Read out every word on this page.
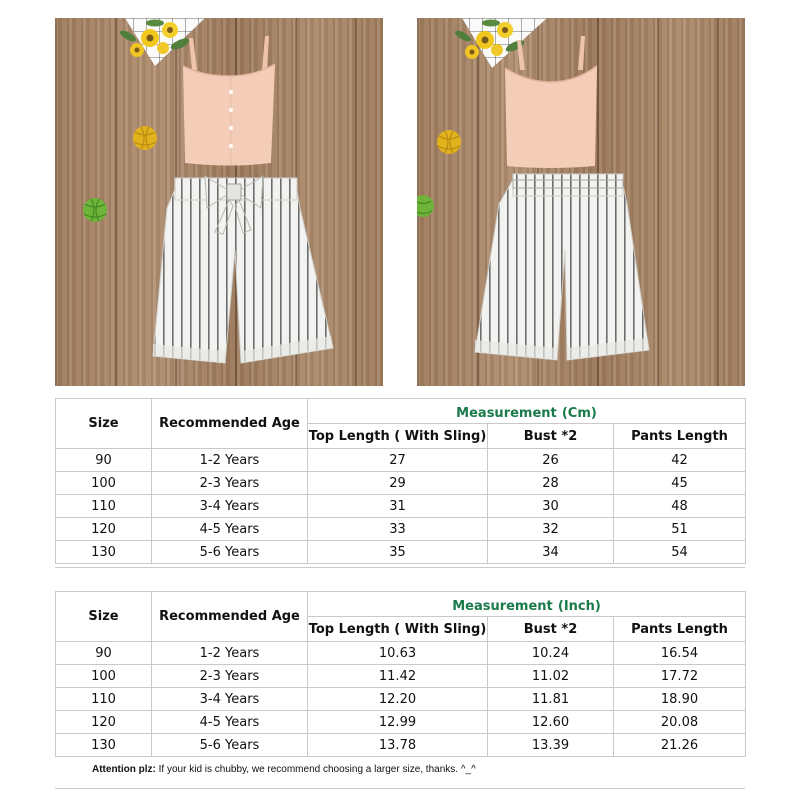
Size	Recommended Age	Measurement (Cm)		
		Top Length ( With Sling)	Bust *2	Pants Length
90	1-2 Years	27	26	42
100	2-3 Years	29	28	45
110	3-4 Years	31	30	48
120	4-5 Years	33	32	51
130	5-6 Years	35	34	54
Size	Recommended Age	Measurement (Inch)		
		Top Length ( With Sling)	Bust *2	Pants Length
90	1-2 Years	10.63	10.24	16.54
100	2-3 Years	11.42	11.02	17.72
110	3-4 Years	12.20	11.81	18.90
120	4-5 Years	12.99	12.60	20.08
130	5-6 Years	13.78	13.39	21.26
Attention plz: If your kid is chubby, we recommend choosing a larger size, thanks. ^_^
